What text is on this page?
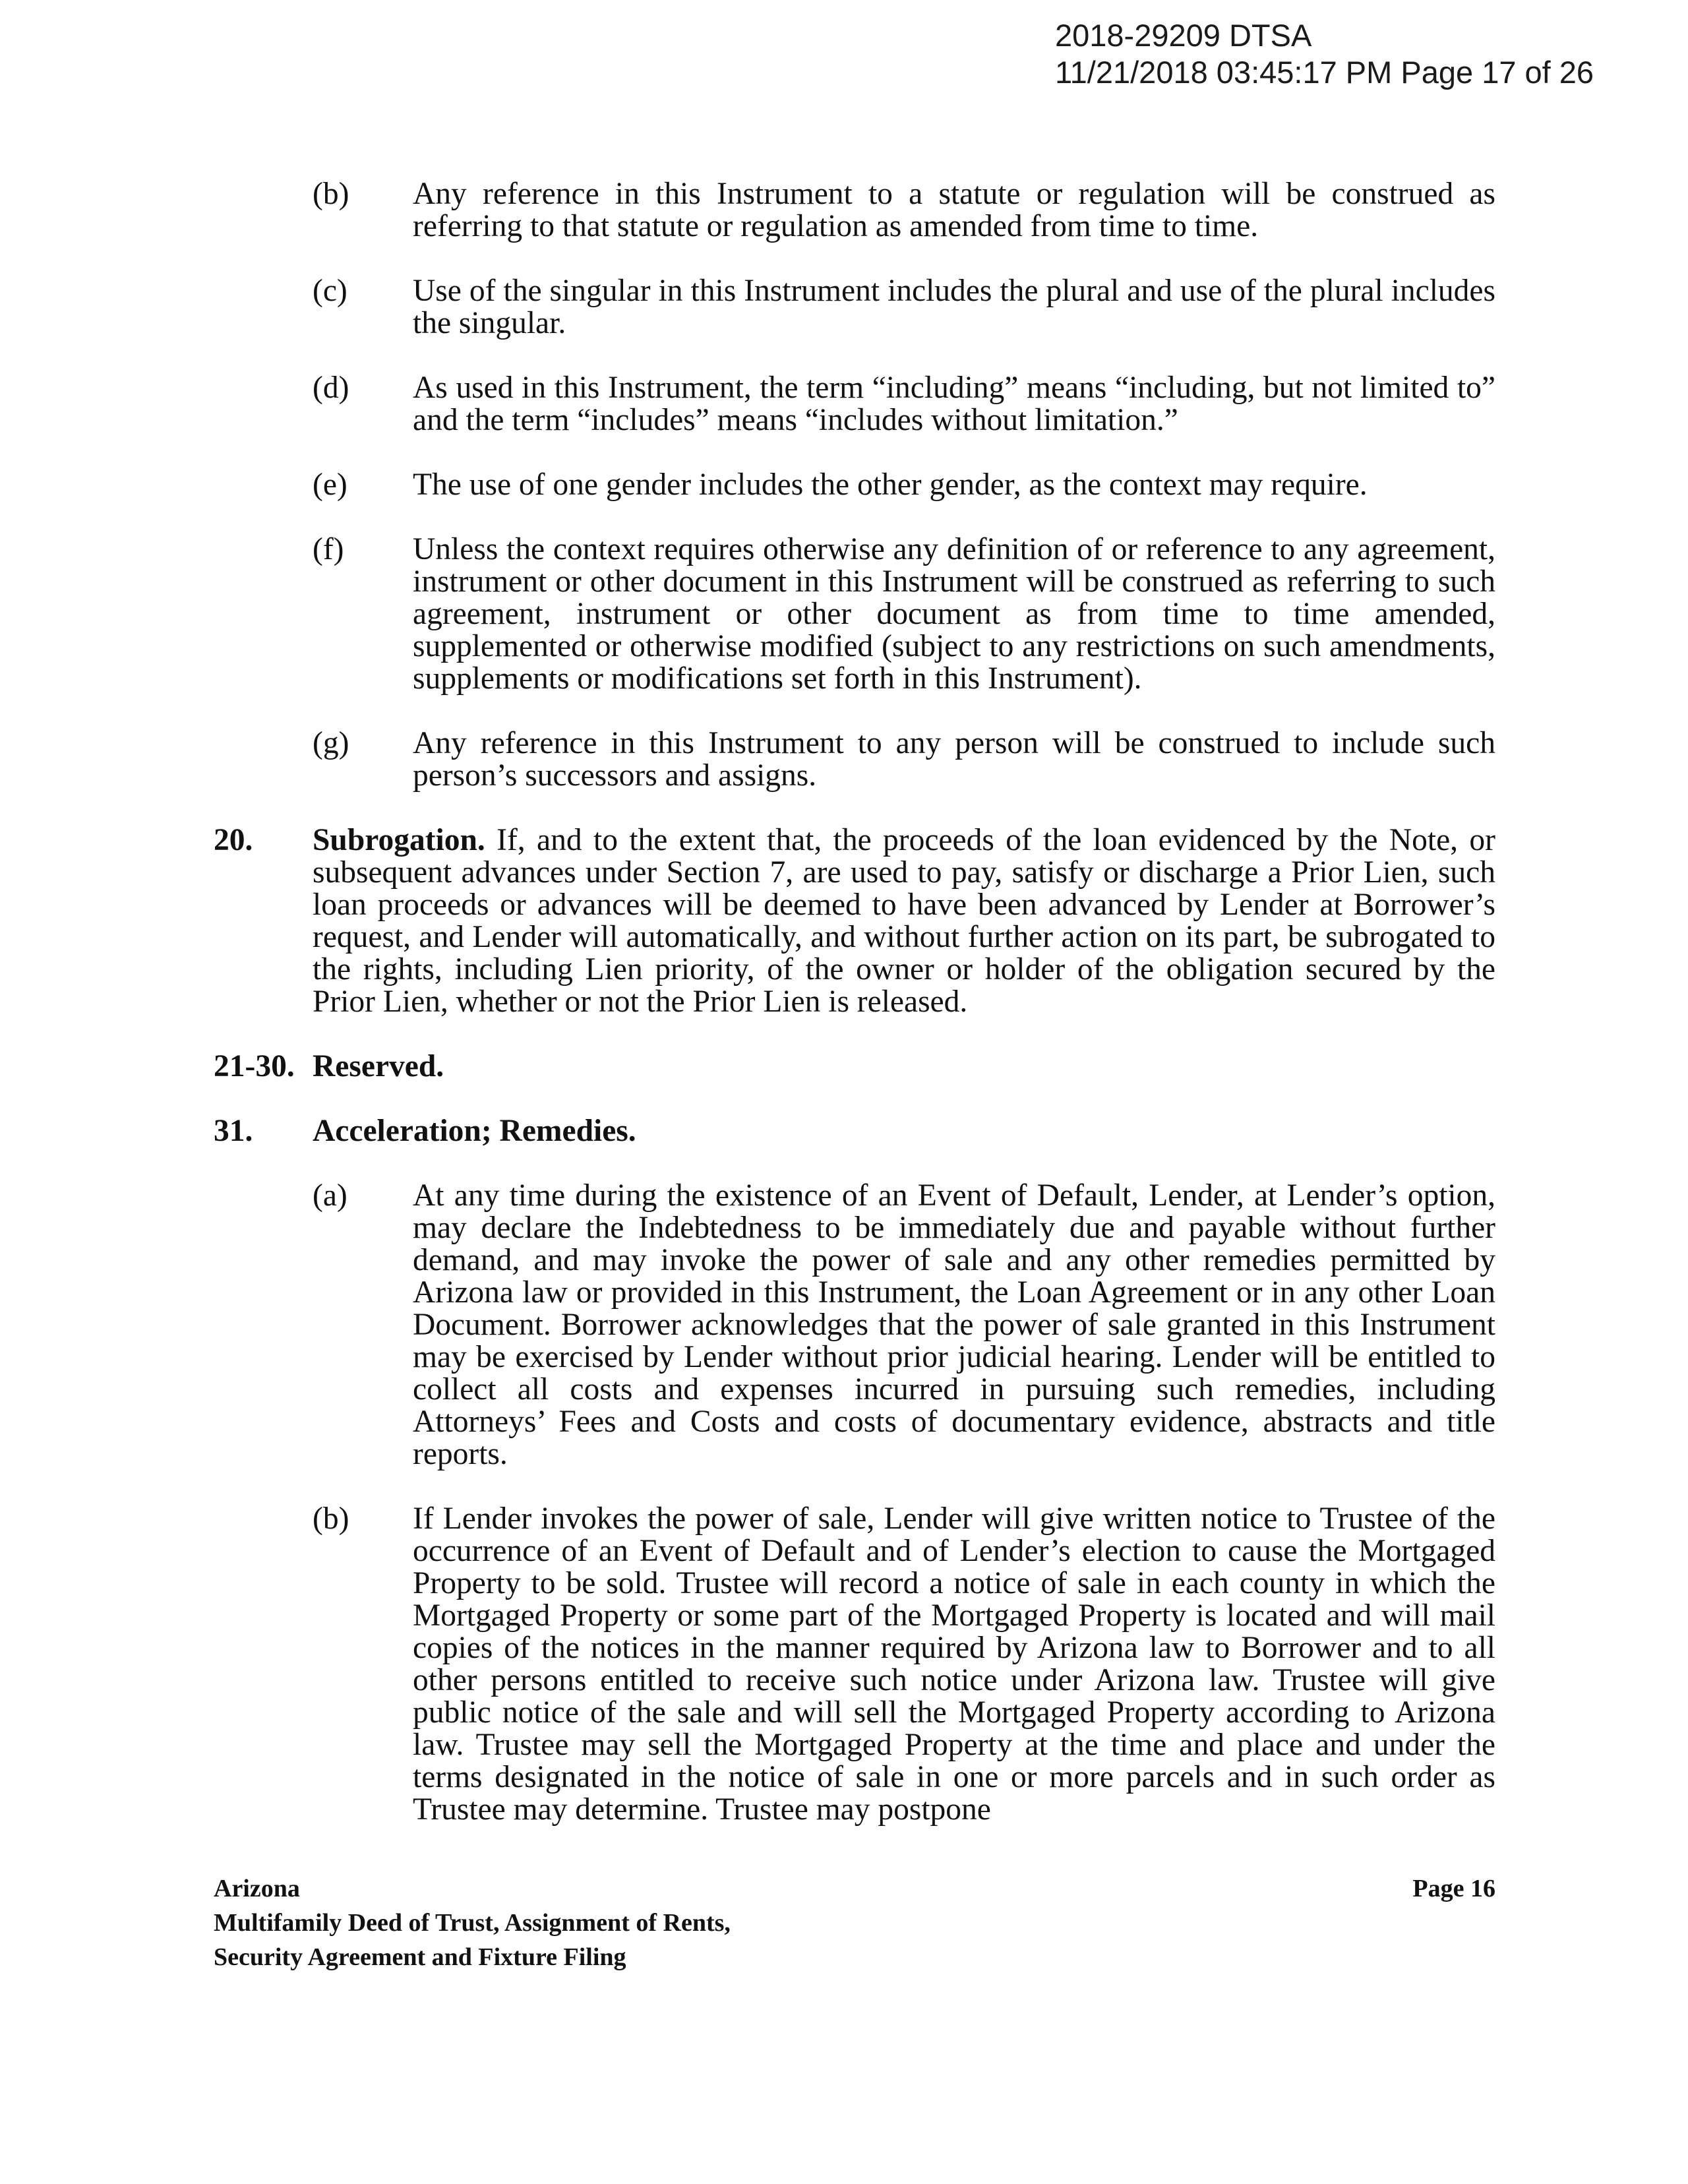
2018-29209 DTSA
11/21/2018 03:45:17 PM Page 17 of 26
(b)	Any reference in this Instrument to a statute or regulation will be construed as referring to that statute or regulation as amended from time to time.
(c)	Use of the singular in this Instrument includes the plural and use of the plural includes the singular.
(d)	As used in this Instrument, the term “including” means “including, but not limited to” and the term “includes” means “includes without limitation.”
(e)	The use of one gender includes the other gender, as the context may require.
(f)	Unless the context requires otherwise any definition of or reference to any agreement, instrument or other document in this Instrument will be construed as referring to such agreement, instrument or other document as from time to time amended, supplemented or otherwise modified (subject to any restrictions on such amendments, supplements or modifications set forth in this Instrument).
(g)	Any reference in this Instrument to any person will be construed to include such person’s successors and assigns.
20.	Subrogation. If, and to the extent that, the proceeds of the loan evidenced by the Note, or subsequent advances under Section 7, are used to pay, satisfy or discharge a Prior Lien, such loan proceeds or advances will be deemed to have been advanced by Lender at Borrower’s request, and Lender will automatically, and without further action on its part, be subrogated to the rights, including Lien priority, of the owner or holder of the obligation secured by the Prior Lien, whether or not the Prior Lien is released.
21-30. Reserved.
31.	Acceleration; Remedies.
(a)	At any time during the existence of an Event of Default, Lender, at Lender’s option, may declare the Indebtedness to be immediately due and payable without further demand, and may invoke the power of sale and any other remedies permitted by Arizona law or provided in this Instrument, the Loan Agreement or in any other Loan Document. Borrower acknowledges that the power of sale granted in this Instrument may be exercised by Lender without prior judicial hearing. Lender will be entitled to collect all costs and expenses incurred in pursuing such remedies, including Attorneys’ Fees and Costs and costs of documentary evidence, abstracts and title reports.
(b)	If Lender invokes the power of sale, Lender will give written notice to Trustee of the occurrence of an Event of Default and of Lender’s election to cause the Mortgaged Property to be sold. Trustee will record a notice of sale in each county in which the Mortgaged Property or some part of the Mortgaged Property is located and will mail copies of the notices in the manner required by Arizona law to Borrower and to all other persons entitled to receive such notice under Arizona law. Trustee will give public notice of the sale and will sell the Mortgaged Property according to Arizona law. Trustee may sell the Mortgaged Property at the time and place and under the terms designated in the notice of sale in one or more parcels and in such order as Trustee may determine. Trustee may postpone
Arizona
Multifamily Deed of Trust, Assignment of Rents,
Security Agreement and Fixture Filing
Page 16
